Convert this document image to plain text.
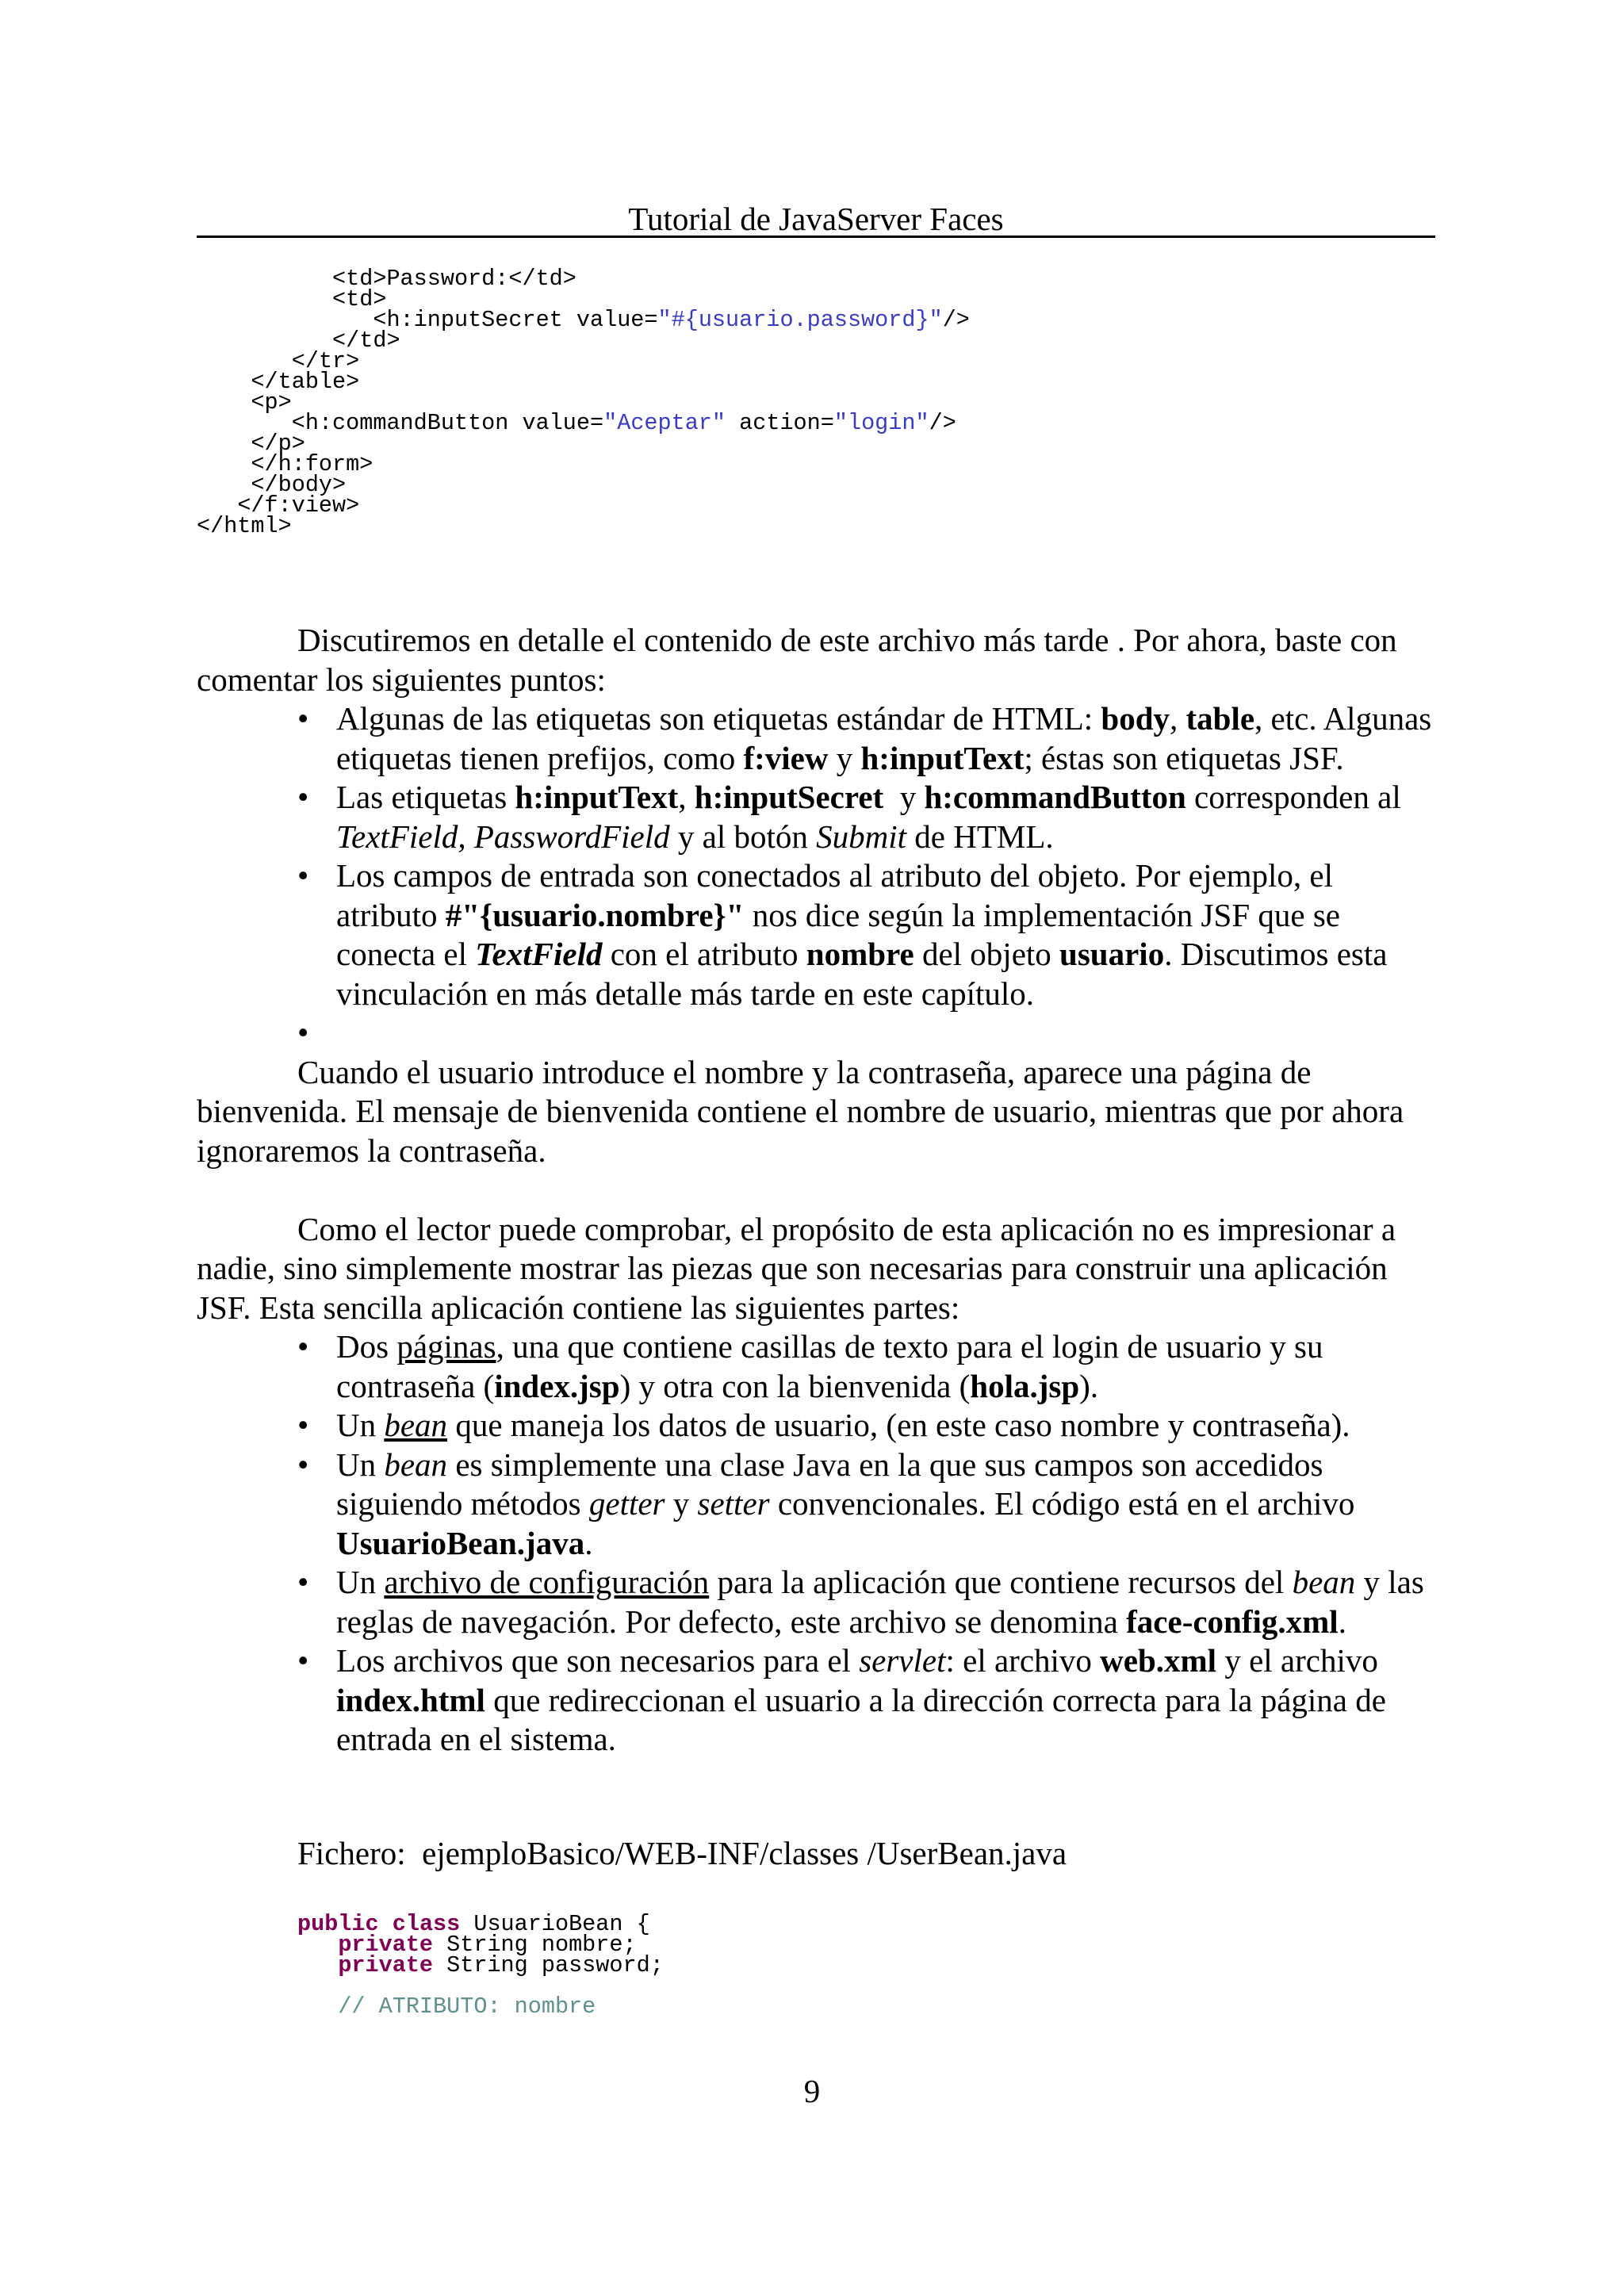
Tutorial de JavaServer Faces
<td>Password:</td>
<td>
<h:inputSecret value="#{usuario.password}"/>
</td>
</tr>
</table>
<p>
<h:commandButton value="Aceptar" action="login"/>
</p>
</h:form>
</body>
</f:view>
</html>

Discutiremos en detalle el contenido de este archivo más tarde . Por ahora, baste con comentar los siguientes puntos:

• Algunas de las etiquetas son etiquetas estándar de HTML: body, table, etc. Algunas etiquetas tienen prefijos, como f:view y h:inputText; éstas son etiquetas JSF.
• Las etiquetas h:inputText, h:inputSecret  y h:commandButton corresponden al TextField, PasswordField y al botón Submit de HTML.
• Los campos de entrada son conectados al atributo del objeto. Por ejemplo, el atributo #"{usuario.nombre}" nos dice según la implementación JSF que se conecta el TextField con el atributo nombre del objeto usuario. Discutimos esta vinculación en más detalle más tarde en este capítulo.
•

Cuando el usuario introduce el nombre y la contraseña, aparece una página de bienvenida. El mensaje de bienvenida contiene el nombre de usuario, mientras que por ahora ignoraremos la contraseña.

Como el lector puede comprobar, el propósito de esta aplicación no es impresionar a nadie, sino simplemente mostrar las piezas que son necesarias para construir una aplicación JSF. Esta sencilla aplicación contiene las siguientes partes:

• Dos páginas, una que contiene casillas de texto para el login de usuario y su contraseña (index.jsp) y otra con la bienvenida (hola.jsp).
• Un bean que maneja los datos de usuario, (en este caso nombre y contraseña).
• Un bean es simplemente una clase Java en la que sus campos son accedidos siguiendo métodos getter y setter convencionales. El código está en el archivo UsuarioBean.java.
• Un archivo de configuración para la aplicación que contiene recursos del bean y las reglas de navegación. Por defecto, este archivo se denomina face-config.xml.
• Los archivos que son necesarios para el servlet: el archivo web.xml y el archivo index.html que redireccionan el usuario a la dirección correcta para la página de entrada en el sistema.
Fichero:  ejemploBasico/WEB-INF/classes /UserBean.java
public class UsuarioBean {
private String nombre;
private String password;
// ATRIBUTO: nombre
9
